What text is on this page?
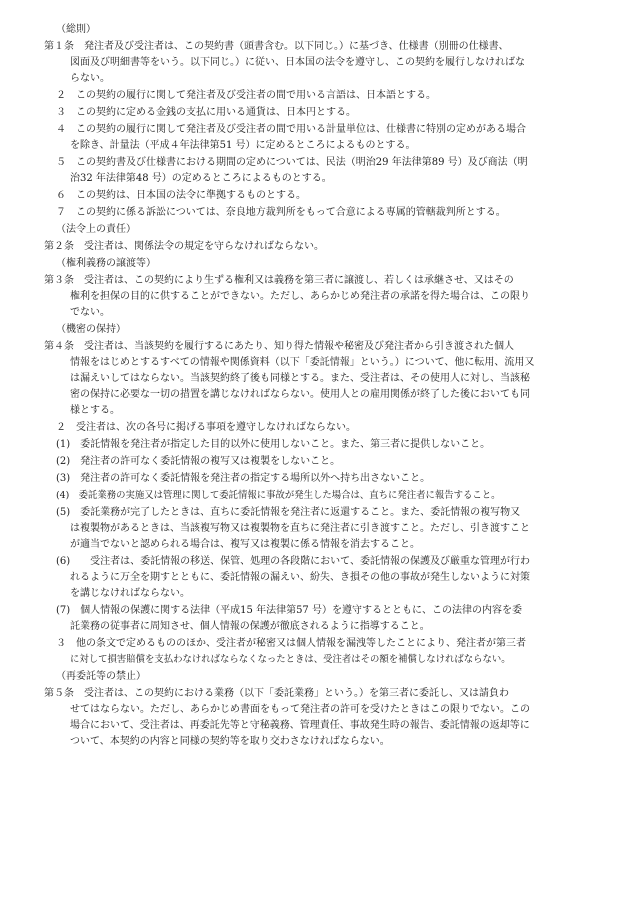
（総則）
第１条　発注者及び受注者は、この契約書（頭書含む。以下同じ。）に基づき、仕様書（別冊の仕様書、
図面及び明細書等をいう。以下同じ。）に従い、日本国の法令を遵守し、この契約を履行しなければな
らない。
２　この契約の履行に関して発注者及び受注者の間で用いる言語は、日本語とする。
３　この契約に定める金銭の支払に用いる通貨は、日本円とする。
４　この契約の履行に関して発注者及び受注者の間で用いる計量単位は、仕様書に特別の定めがある場合
を除き、計量法（平成４年法律第51 号）に定めるところによるものとする。
５　この契約書及び仕様書における期間の定めについては、民法（明治29 年法律第89 号）及び商法（明
治32 年法律第48 号）の定めるところによるものとする。
６　この契約は、日本国の法令に準拠するものとする。
７　この契約に係る訴訟については、奈良地方裁判所をもって合意による専属的管轄裁判所とする。
（法令上の責任）
第２条　受注者は、関係法令の規定を守らなければならない。
（権利義務の譲渡等）
第３条　受注者は、この契約により生ずる権利又は義務を第三者に譲渡し、若しくは承継させ、又はその
権利を担保の目的に供することができない。ただし、あらかじめ発注者の承諾を得た場合は、この限り
でない。
（機密の保持）
第４条　受注者は、当該契約を履行するにあたり、知り得た情報や秘密及び発注者から引き渡された個人
情報をはじめとするすべての情報や関係資料（以下「委託情報」という。）について、他に転用、流用又
は漏えいしてはならない。当該契約終了後も同様とする。また、受注者は、その使用人に対し、当該秘
密の保持に必要な一切の措置を講じなければならない。使用人との雇用関係が終了した後においても同
様とする。
２　受注者は、次の各号に掲げる事項を遵守しなければならない。
(1)　委託情報を発注者が指定した目的以外に使用しないこと。また、第三者に提供しないこと。
(2)　発注者の許可なく委託情報の複写又は複製をしないこと。
(3)　発注者の許可なく委託情報を発注者の指定する場所以外へ持ち出さないこと。
(4)　委託業務の実施又は管理に関して委託情報に事故が発生した場合は、直ちに発注者に報告すること。
(5)　委託業務が完了したときは、直ちに委託情報を発注者に返還すること。また、委託情報の複写物又
は複製物があるときは、当該複写物又は複製物を直ちに発注者に引き渡すこと。ただし、引き渡すこと
が適当でないと認められる場合は、複写又は複製に係る情報を消去すること。
(6)　　受注者は、委託情報の移送、保管、処理の各段階において、委託情報の保護及び厳重な管理が行わ
れるように万全を期すとともに、委託情報の漏えい、紛失、き損その他の事故が発生しないように対策
を講じなければならない。
(7)　個人情報の保護に関する法律（平成15 年法律第57 号）を遵守するとともに、この法律の内容を委
託業務の従事者に周知させ、個人情報の保護が徹底されるように指導すること。
３　他の条文で定めるもののほか、受注者が秘密又は個人情報を漏洩等したことにより、発注者が第三者
に対して損害賠償を支払わなければならなくなったときは、受注者はその額を補償しなければならない。
（再委託等の禁止）
第５条　受注者は、この契約における業務（以下「委託業務」という。）を第三者に委託し、又は請負わ
せてはならない。ただし、あらかじめ書面をもって発注者の許可を受けたときはこの限りでない。この
場合において、受注者は、再委託先等と守秘義務、管理責任、事故発生時の報告、委託情報の返却等に
ついて、本契約の内容と同様の契約等を取り交わさなければならない。
